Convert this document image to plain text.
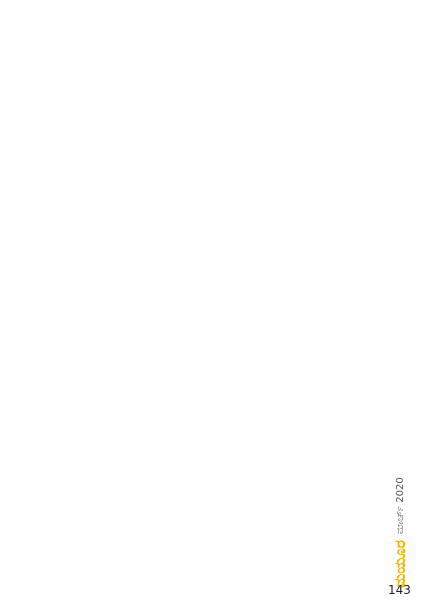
ಮಯೂರ
ಮಾರ್ಚ್ 2020
143
